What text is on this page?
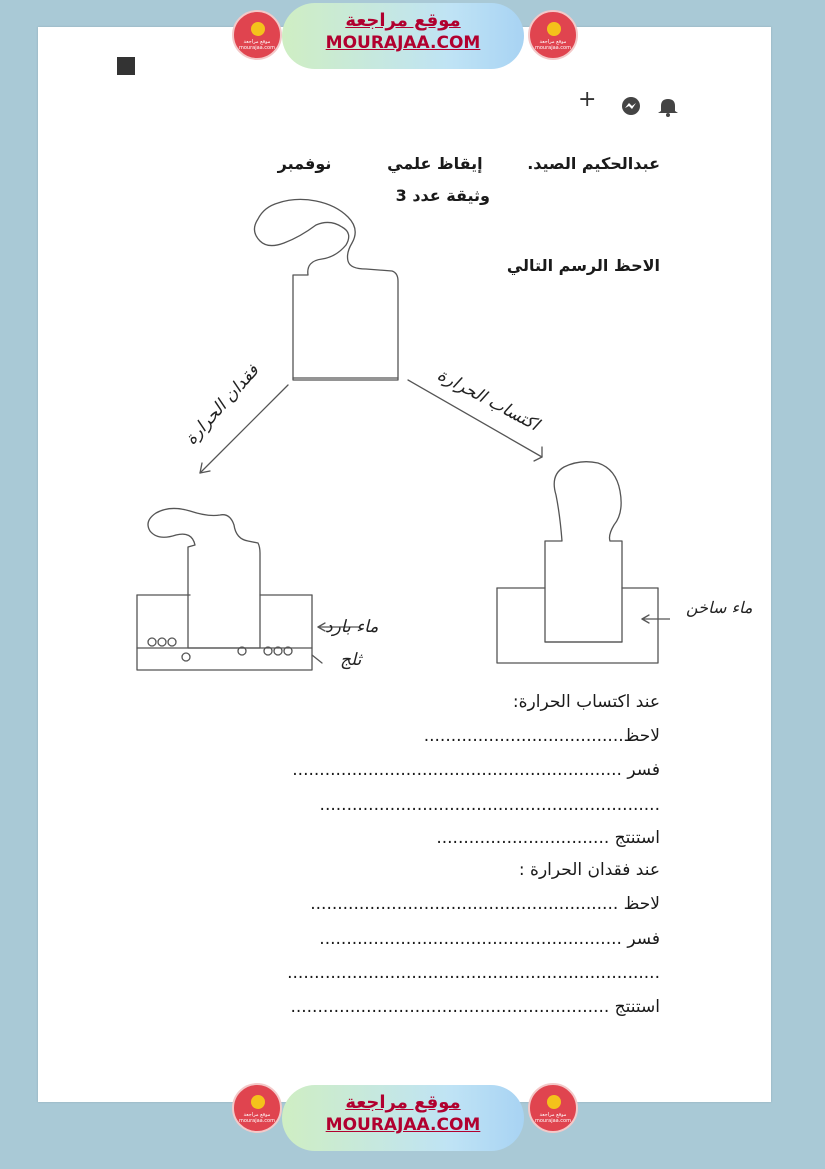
موقع مراجعة
mourajaa.com
موقع مراجعة
MOURAJAA.COM	موقع مراجعة
mourajaa.com
+
عبدالحكيم الصيد.        إيقاظ علمي          نوفمبر
وثيقة عدد 3
الاحظ الرسم التالي
فقدان الحرارة	اكتساب الحرارة
ماء بارد
ثلج
ماء ساخن
عند اكتساب الحرارة:
لاحظ.....................................
فسر .............................................................
...............................................................
استنتج ................................
عند فقدان الحرارة :
لاحظ .........................................................
فسر ........................................................
.....................................................................
استنتج ...........................................................
موقع مراجعة
mourajaa.com
موقع مراجعة
MOURAJAA.COM	موقع مراجعة
mourajaa.com
